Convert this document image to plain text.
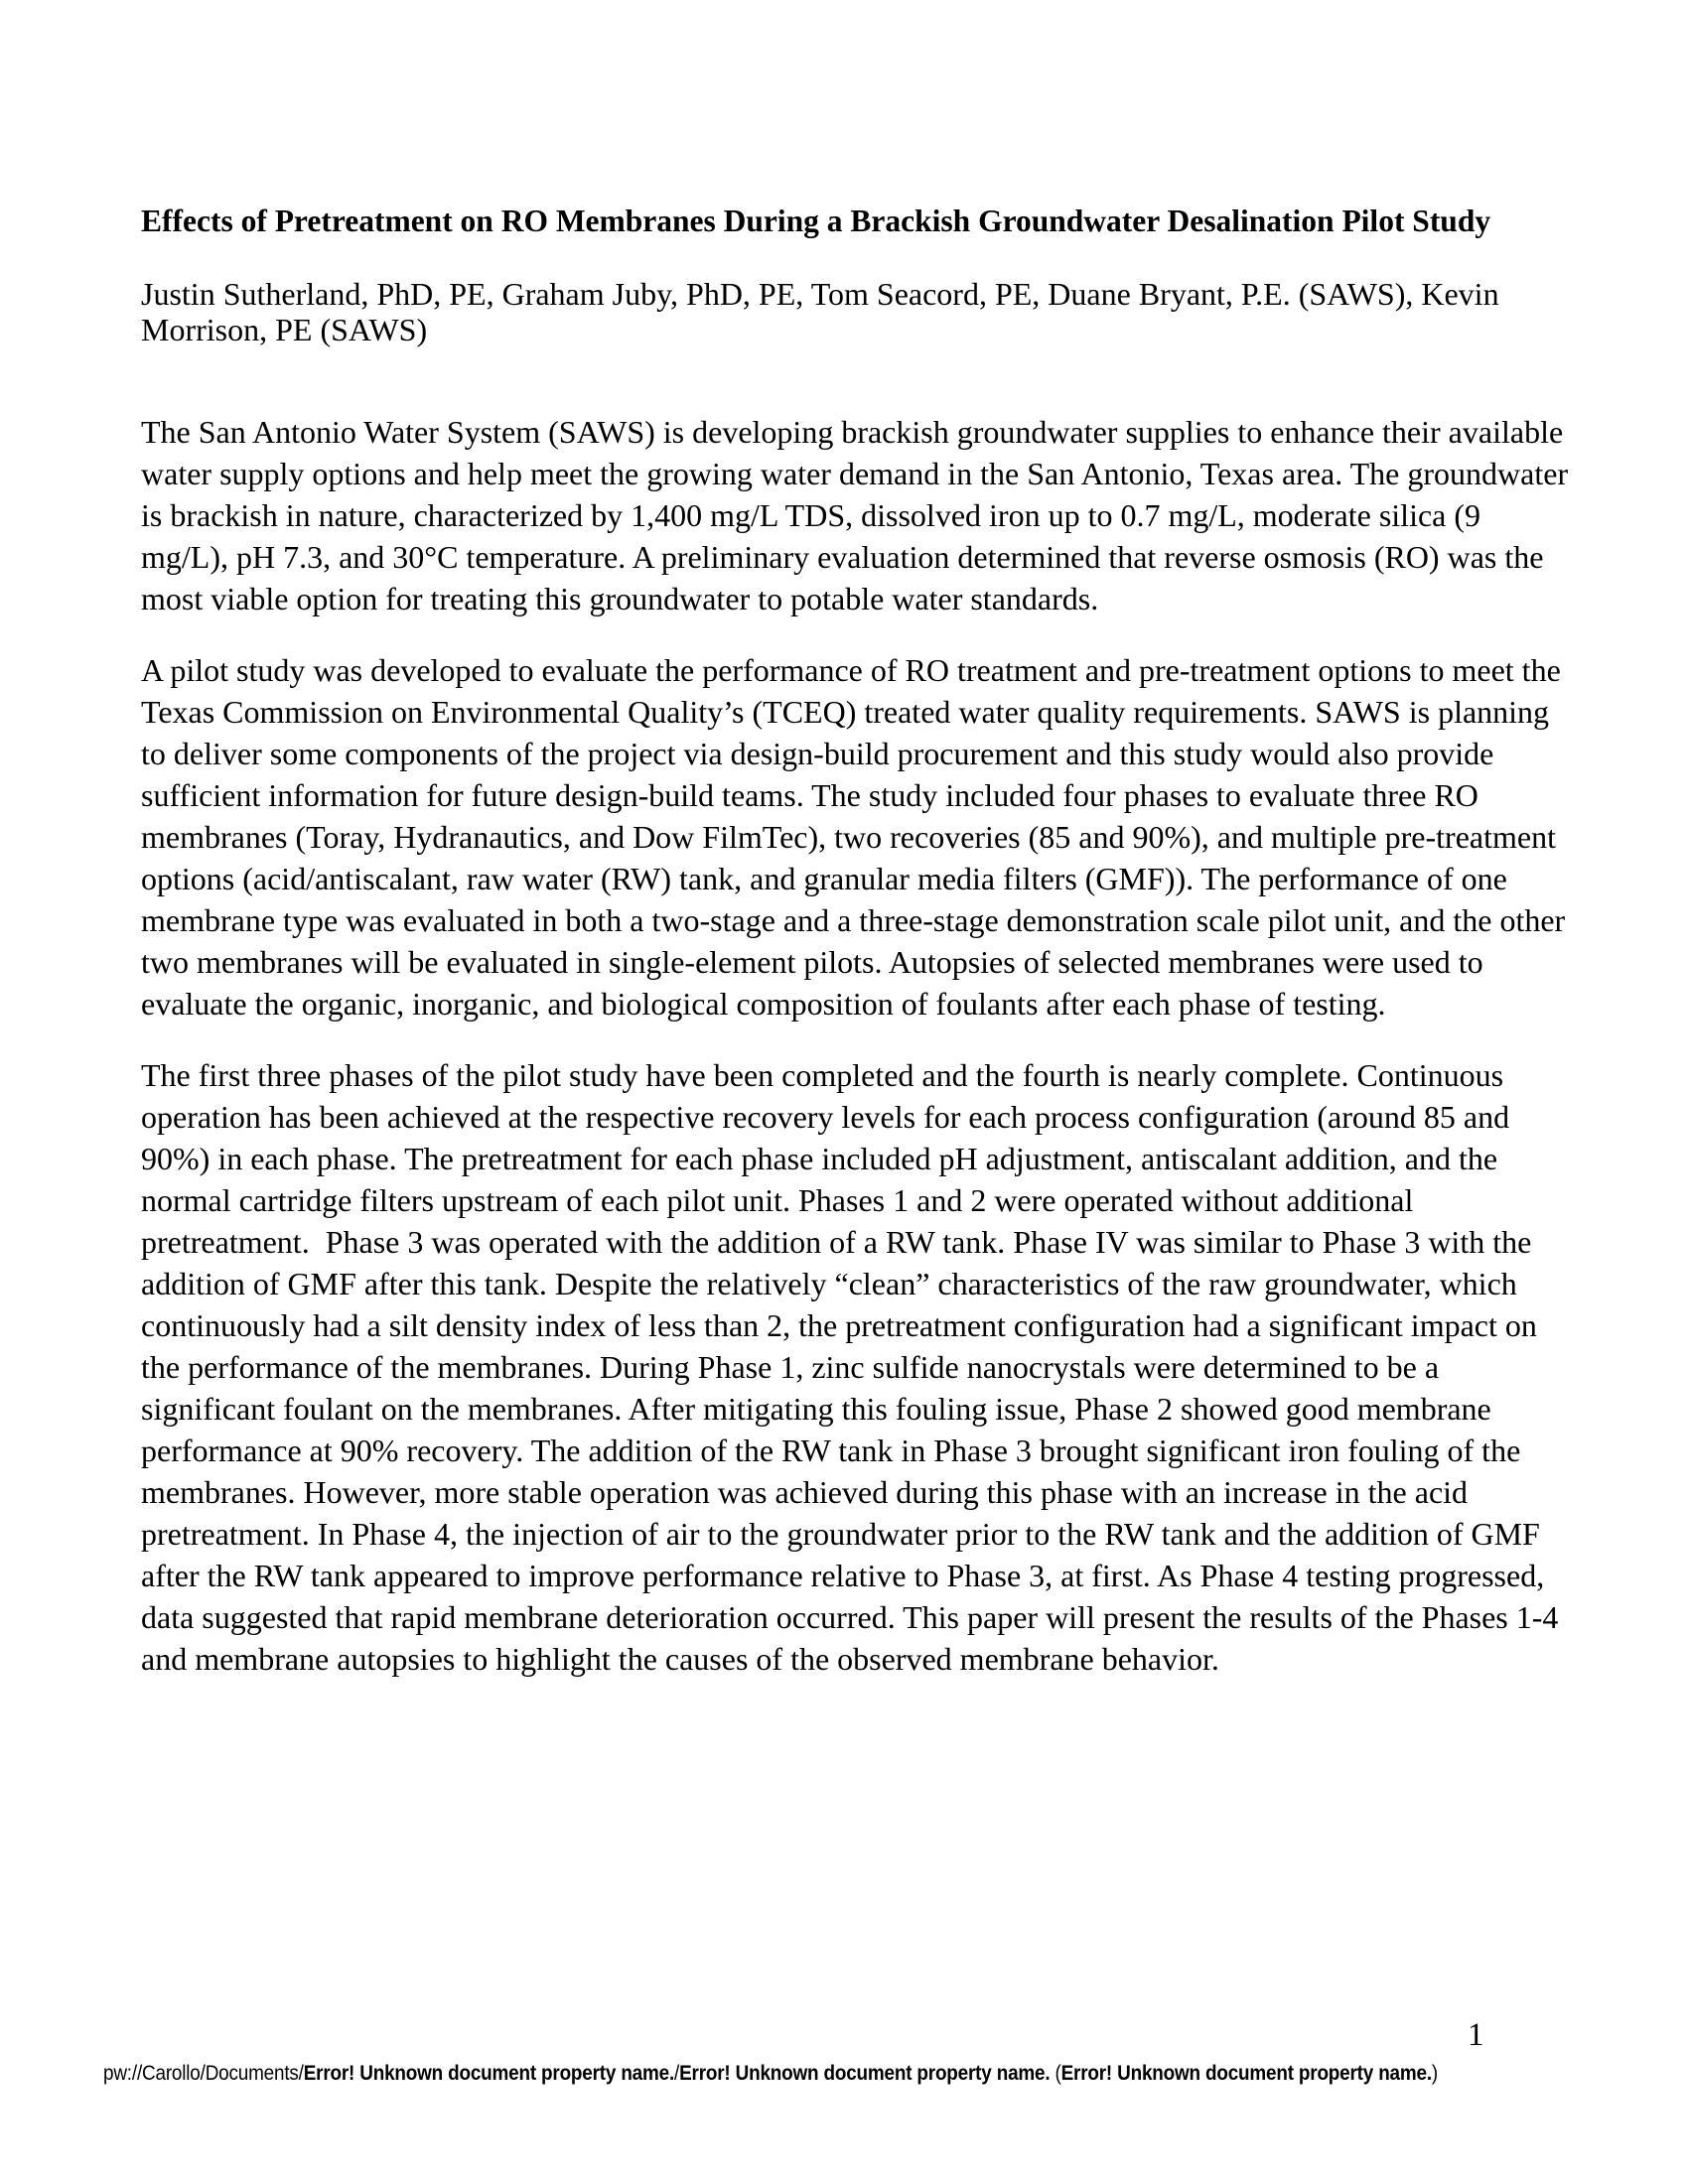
Effects of Pretreatment on RO Membranes During a Brackish Groundwater Desalination Pilot Study

Justin Sutherland, PhD, PE, Graham Juby, PhD, PE, Tom Seacord, PE, Duane Bryant, P.E. (SAWS), Kevin Morrison, PE (SAWS)

The San Antonio Water System (SAWS) is developing brackish groundwater supplies to enhance their available water supply options and help meet the growing water demand in the San Antonio, Texas area. The groundwater is brackish in nature, characterized by 1,400 mg/L TDS, dissolved iron up to 0.7 mg/L, moderate silica (9 mg/L), pH 7.3, and 30°C temperature. A preliminary evaluation determined that reverse osmosis (RO) was the most viable option for treating this groundwater to potable water standards.

A pilot study was developed to evaluate the performance of RO treatment and pre-treatment options to meet the Texas Commission on Environmental Quality’s (TCEQ) treated water quality requirements. SAWS is planning to deliver some components of the project via design-build procurement and this study would also provide sufficient information for future design-build teams. The study included four phases to evaluate three RO membranes (Toray, Hydranautics, and Dow FilmTec), two recoveries (85 and 90%), and multiple pre-treatment options (acid/antiscalant, raw water (RW) tank, and granular media filters (GMF)). The performance of one membrane type was evaluated in both a two-stage and a three-stage demonstration scale pilot unit, and the other two membranes will be evaluated in single-element pilots. Autopsies of selected membranes were used to evaluate the organic, inorganic, and biological composition of foulants after each phase of testing.

The first three phases of the pilot study have been completed and the fourth is nearly complete. Continuous operation has been achieved at the respective recovery levels for each process configuration (around 85 and 90%) in each phase. The pretreatment for each phase included pH adjustment, antiscalant addition, and the normal cartridge filters upstream of each pilot unit. Phases 1 and 2 were operated without additional pretreatment.  Phase 3 was operated with the addition of a RW tank. Phase IV was similar to Phase 3 with the addition of GMF after this tank. Despite the relatively “clean” characteristics of the raw groundwater, which continuously had a silt density index of less than 2, the pretreatment configuration had a significant impact on the performance of the membranes. During Phase 1, zinc sulfide nanocrystals were determined to be a significant foulant on the membranes. After mitigating this fouling issue, Phase 2 showed good membrane performance at 90% recovery. The addition of the RW tank in Phase 3 brought significant iron fouling of the membranes. However, more stable operation was achieved during this phase with an increase in the acid pretreatment. In Phase 4, the injection of air to the groundwater prior to the RW tank and the addition of GMF after the RW tank appeared to improve performance relative to Phase 3, at first. As Phase 4 testing progressed, data suggested that rapid membrane deterioration occurred. This paper will present the results of the Phases 1-4 and membrane autopsies to highlight the causes of the observed membrane behavior.

1
pw://Carollo/Documents/Error! Unknown document property name./Error! Unknown document property name. (Error! Unknown document property name.)
